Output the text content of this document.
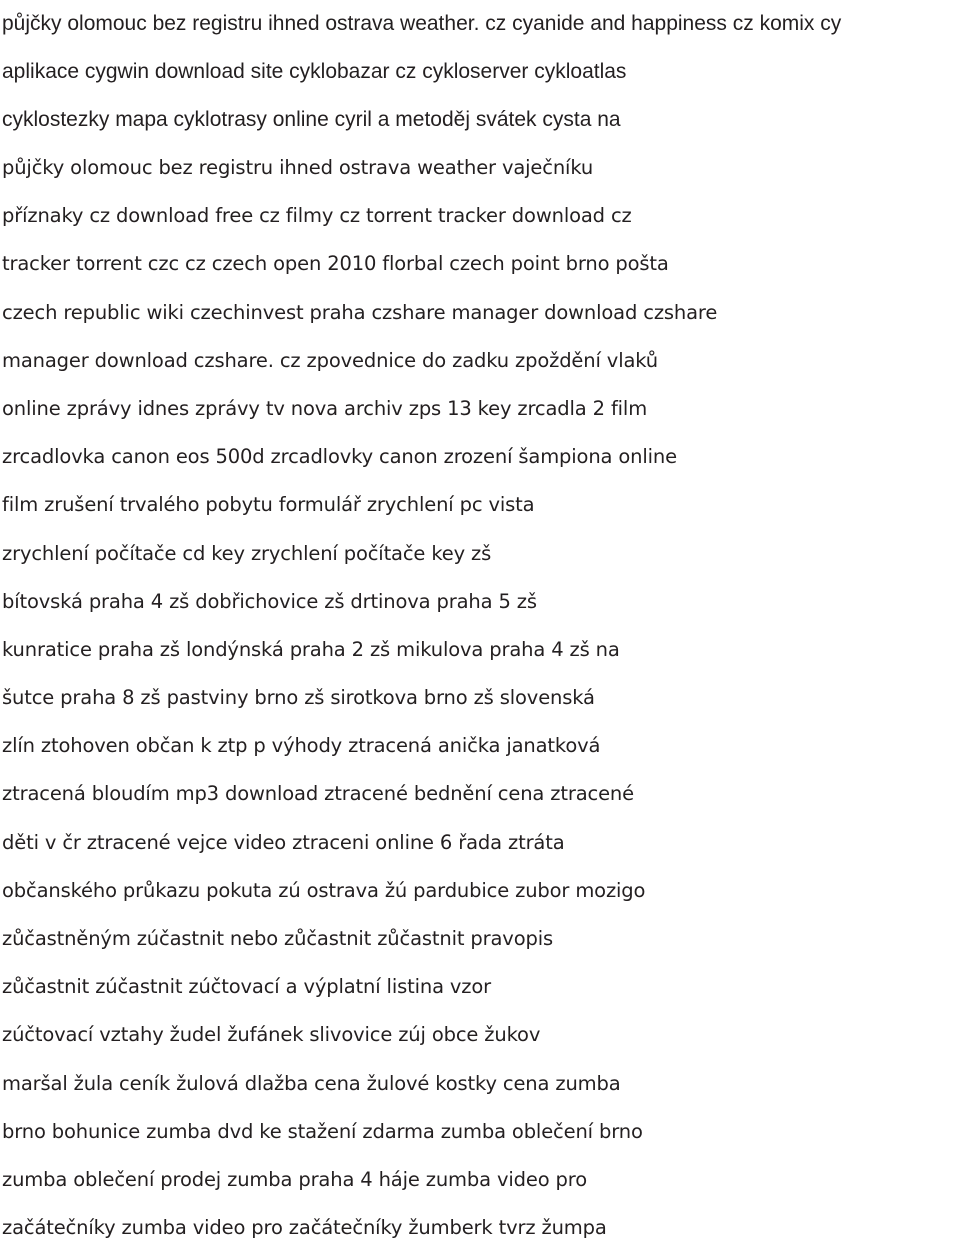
půjčky olomouc bez registru ihned ostrava weather. cz cyanide and happiness cz komix cy
aplikace cygwin download site cyklobazar cz cykloserver cykloatlas
cyklostezky mapa cyklotrasy online cyril a metoděj svátek cysta na
půjčky olomouc bez registru ihned ostrava weather vaječníku
příznaky cz download free cz filmy cz torrent tracker download cz
tracker torrent czc cz czech open 2010 florbal czech point brno pošta
czech republic wiki czechinvest praha czshare manager download czshare
manager download czshare. cz zpovednice do zadku zpoždění vlaků
online zprávy idnes zprávy tv nova archiv zps 13 key zrcadla 2 film
zrcadlovka canon eos 500d zrcadlovky canon zrození šampiona online
film zrušení trvalého pobytu formulář zrychlení pc vista
zrychlení počítače cd key zrychlení počítače key zš
bítovská praha 4 zš dobřichovice zš drtinova praha 5 zš
kunratice praha zš londýnská praha 2 zš mikulova praha 4 zš na
šutce praha 8 zš pastviny brno zš sirotkova brno zš slovenská
zlín ztohoven občan k ztp p výhody ztracená anička janatková
ztracená bloudím mp3 download ztracené bednění cena ztracené
děti v čr ztracené vejce video ztraceni online 6 řada ztráta
občanského průkazu pokuta zú ostrava žú pardubice zubor mozigo
zůčastněným zúčastnit nebo zůčastnit zůčastnit pravopis
zůčastnit zúčastnit zúčtovací a výplatní listina vzor
zúčtovací vztahy žudel žufánek slivovice zúj obce žukov
maršal žula ceník žulová dlažba cena žulové kostky cena zumba
brno bohunice zumba dvd ke stažení zdarma zumba oblečení brno
zumba oblečení prodej zumba praha 4 háje zumba video pro
začátečníky zumba video pro začátečníky žumberk tvrz žumpa
